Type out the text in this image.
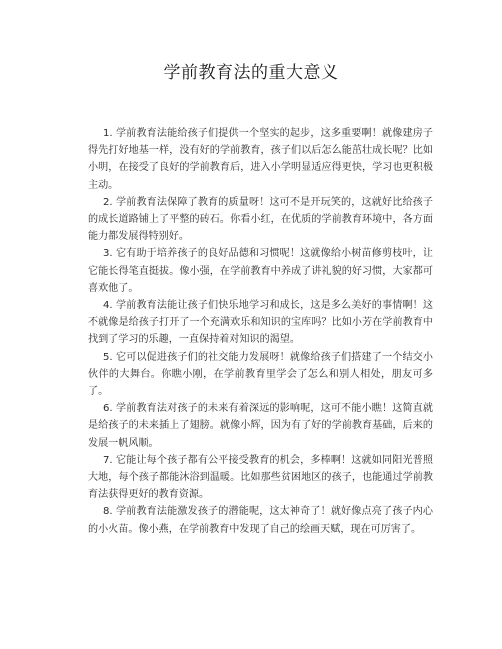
学前教育法的重大意义

1. 学前教育法能给孩子们提供一个坚实的起步，这多重要啊！就像建房子得先打好地基一样，没有好的学前教育，孩子们以后怎么能茁壮成长呢？比如小明，在接受了良好的学前教育后，进入小学明显适应得更快，学习也更积极主动。

2. 学前教育法保障了教育的质量呀！这可不是开玩笑的，这就好比给孩子的成长道路铺上了平整的砖石。你看小红，在优质的学前教育环境中，各方面能力都发展得特别好。

3. 它有助于培养孩子的良好品德和习惯呢！这就像给小树苗修剪枝叶，让它能长得笔直挺拔。像小强，在学前教育中养成了讲礼貌的好习惯，大家都可喜欢他了。

4. 学前教育法能让孩子们快乐地学习和成长，这是多么美好的事情啊！这不就像是给孩子打开了一个充满欢乐和知识的宝库吗？比如小芳在学前教育中找到了学习的乐趣，一直保持着对知识的渴望。

5. 它可以促进孩子们的社交能力发展呀！就像给孩子们搭建了一个结交小伙伴的大舞台。你瞧小刚，在学前教育里学会了怎么和别人相处，朋友可多了。

6. 学前教育法对孩子的未来有着深远的影响呢，这可不能小瞧！这简直就是给孩子的未来插上了翅膀。就像小辉，因为有了好的学前教育基础，后来的发展一帆风顺。

7. 它能让每个孩子都有公平接受教育的机会，多棒啊！这就如同阳光普照大地，每个孩子都能沐浴到温暖。比如那些贫困地区的孩子，也能通过学前教育法获得更好的教育资源。

8. 学前教育法能激发孩子的潜能呢，这太神奇了！就好像点亮了孩子内心的小火苗。像小燕，在学前教育中发现了自己的绘画天赋，现在可厉害了。
